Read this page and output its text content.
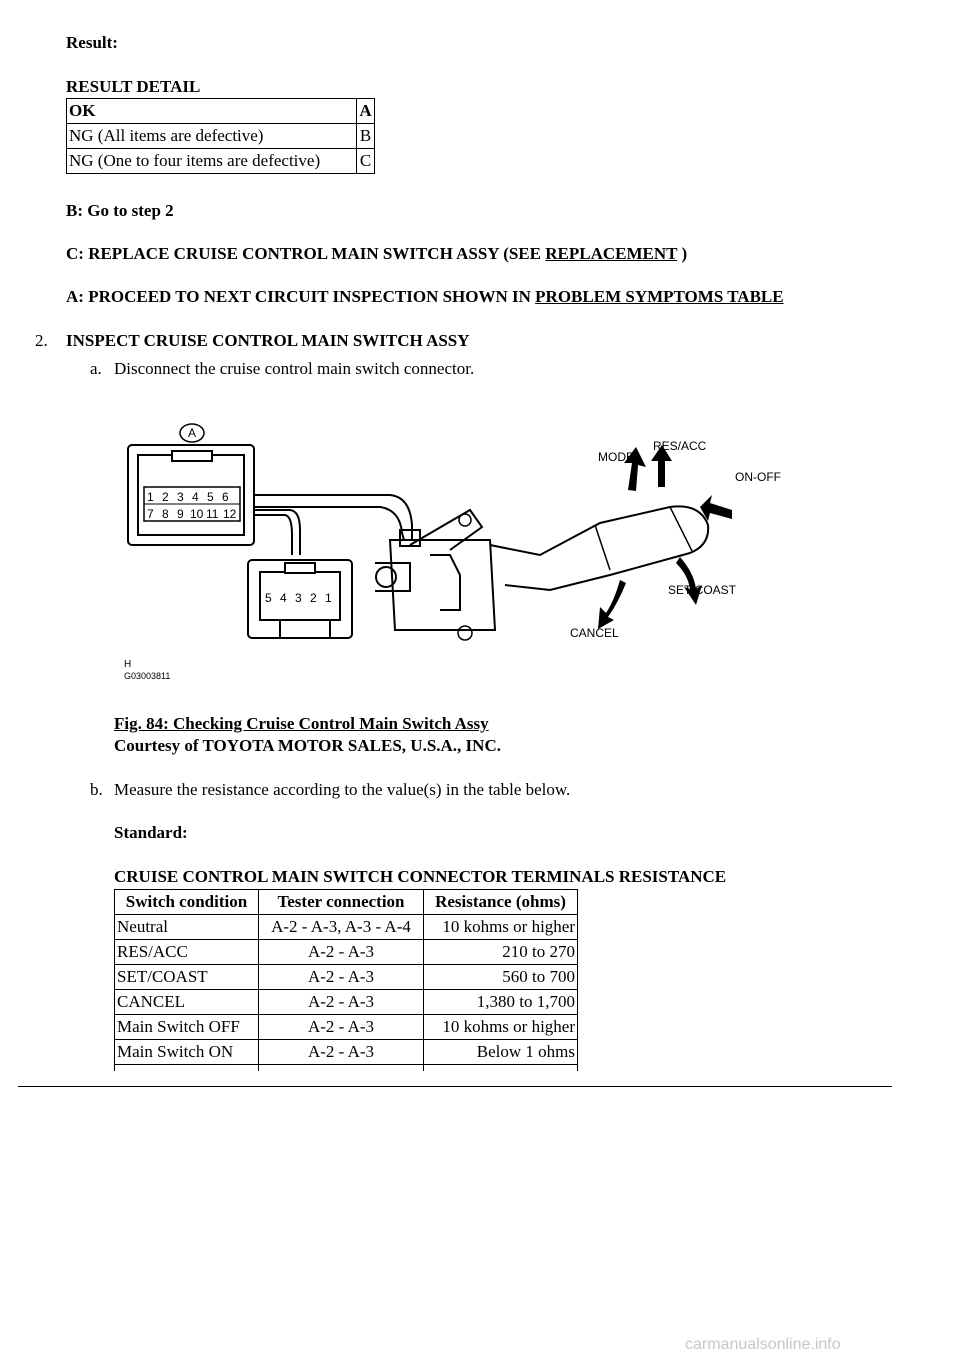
Result:
RESULT DETAIL
OK	A
NG (All items are defective)	B
NG (One to four items are defective)	C
B: Go to step 2
C: REPLACE CRUISE CONTROL MAIN SWITCH ASSY (SEE REPLACEMENT )
A: PROCEED TO NEXT CIRCUIT INSPECTION SHOWN IN PROBLEM SYMPTOMS TABLE
2. INSPECT CRUISE CONTROL MAIN SWITCH ASSY
a. Disconnect the cruise control main switch connector.
A
1 2 3 4 5 6
7 8 9 10 11 12
5 4 3 2 1
MODE
RES/ACC
ON-OFF
SET/COAST
CANCEL
H
G03003811
Fig. 84: Checking Cruise Control Main Switch Assy
Courtesy of TOYOTA MOTOR SALES, U.S.A., INC.
b. Measure the resistance according to the value(s) in the table below.
Standard:
CRUISE CONTROL MAIN SWITCH CONNECTOR TERMINALS RESISTANCE
Switch condition	Tester connection	Resistance (ohms)
Neutral	A-2 - A-3, A-3 - A-4	10 kohms or higher
RES/ACC	A-2 - A-3	210 to 270
SET/COAST	A-2 - A-3	560 to 700
CANCEL	A-2 - A-3	1,380 to 1,700
Main Switch OFF	A-2 - A-3	10 kohms or higher
Main Switch ON	A-2 - A-3	Below 1 ohms

carmanualsonline.info
